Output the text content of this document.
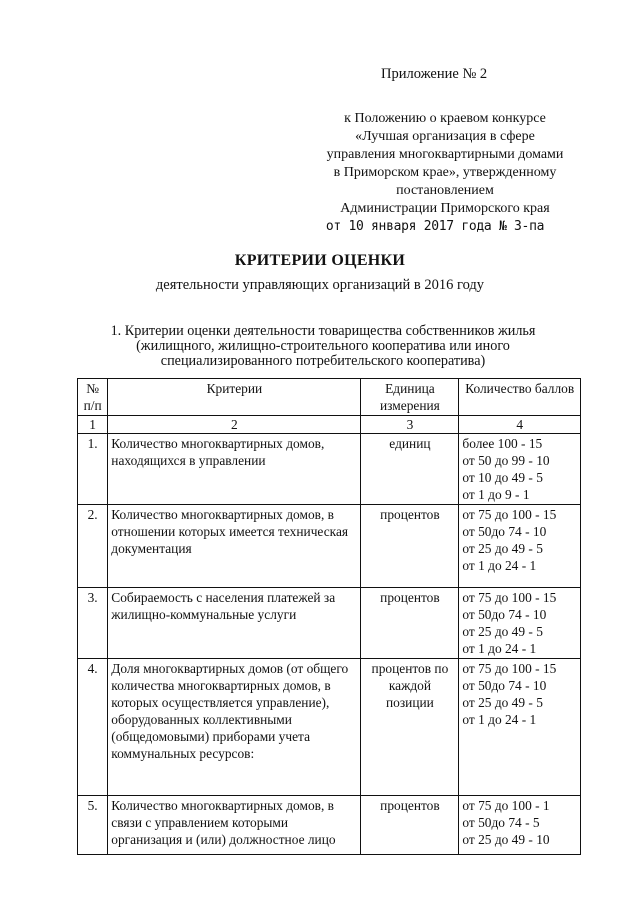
Приложение № 2
к Положению о краевом конкурсе
«Лучшая организация в сфере
управления многоквартирными домами
в Приморском крае», утвержденному
постановлением
Администрации Приморского края
от 10 января 2017 года № 3-па
КРИТЕРИИ ОЦЕНКИ
деятельности управляющих организаций в 2016 году
1. Критерии оценки деятельности товарищества собственников жилья
(жилищного, жилищно-строительного кооператива или иного
специализированного потребительского кооператива)
№ п/п	Критерии	Единица измерения	Количество баллов
1	2	3	4
1.	Количество многоквартирных домов, находящихся в управлении	единиц	более 100 - 15
от 50 до 99 - 10
от 10 до 49 - 5
от 1 до 9 - 1

2.	Количество многоквартирных домов, в отношении которых имеется техническая документация	процентов	от 75 до 100 - 15
от 50до 74 - 10
от 25 до 49 - 5
от 1 до 24 - 1

3.	Собираемость с населения платежей за жилищно-коммунальные услуги	процентов	от 75 до 100 - 15
от 50до 74 - 10
от 25 до 49 - 5
от 1 до 24 - 1

4.	Доля многоквартирных домов (от общего количества многоквартирных домов, в которых осуществляется управление), оборудованных коллективными (общедомовыми) приборами учета коммунальных ресурсов:	процентов по каждой позиции	от 75 до 100 - 15
от 50до 74 - 10
от 25 до 49 - 5
от 1 до 24 - 1

5.	Количество многоквартирных домов, в связи с управлением которыми организация и (или) должностное лицо	процентов	от 75 до 100 - 1
от 50до 74 - 5
от 25 до 49 - 10
